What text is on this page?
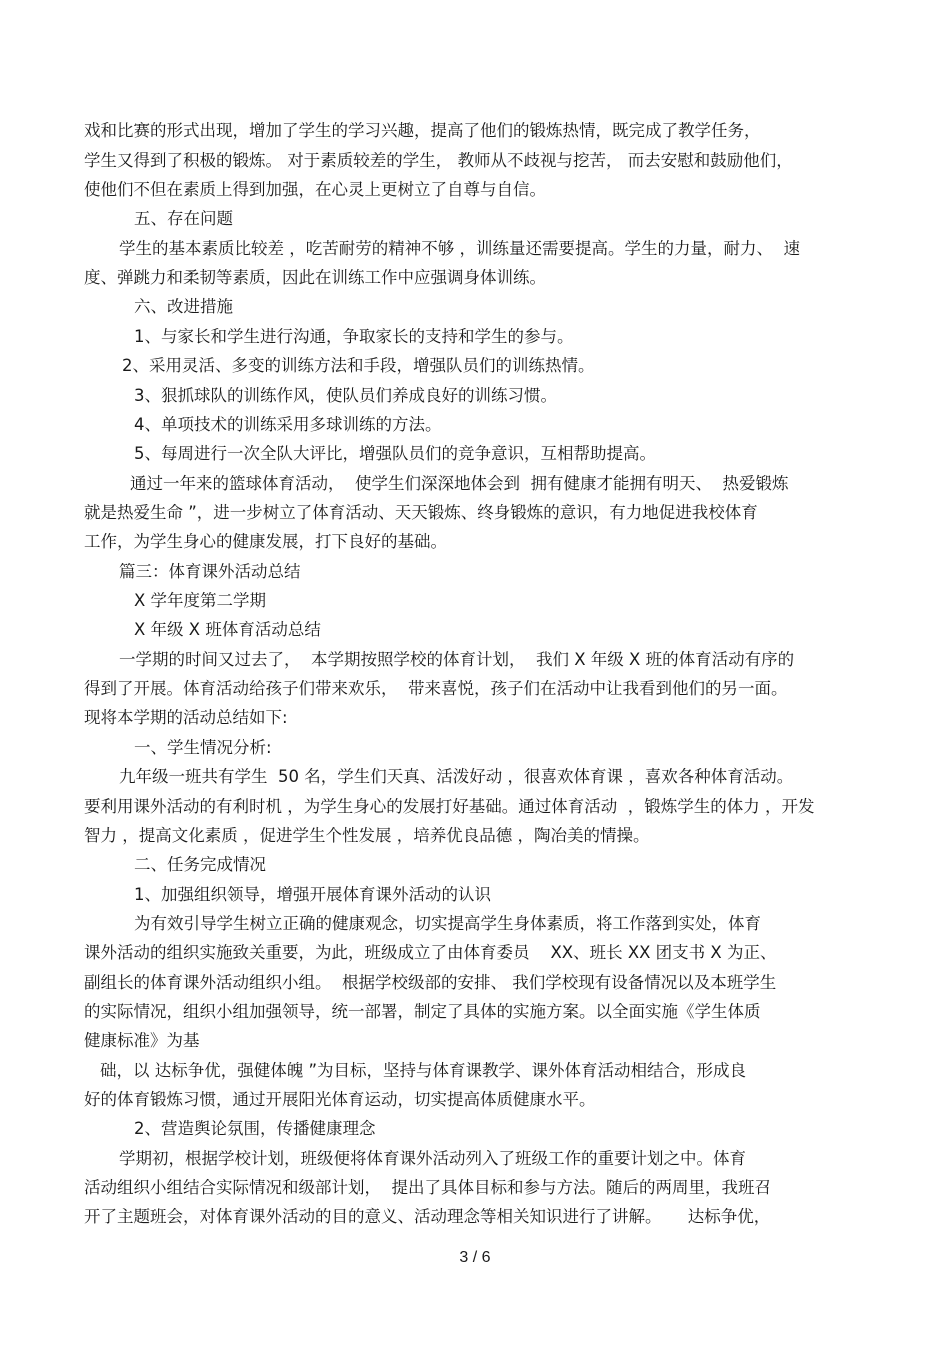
戏和比赛的形式出现，增加了学生的学习兴趣，提高了他们的锻炼热情，既完成了教学任务，
学生又得到了积极的锻炼。 对于素质较差的学生， 教师从不歧视与挖苦， 而去安慰和鼓励他们，
使他们不但在素质上得到加强，在心灵上更树立了自尊与自信。
五、存在问题
学生的基本素质比较差 ，吃苦耐劳的精神不够 ，训练量还需要提高。学生的力量，耐力、  速
度、弹跳力和柔韧等素质，因此在训练工作中应强调身体训练。
六、改进措施
1、与家长和学生进行沟通，争取家长的支持和学生的参与。
2、采用灵活、多变的训练方法和手段，增强队员们的训练热情。
3、狠抓球队的训练作风，使队员们养成良好的训练习惯。
4、单项技术的训练采用多球训练的方法。
5、每周进行一次全队大评比，增强队员们的竞争意识，互相帮助提高。
通过一年来的篮球体育活动，  使学生们深深地体会到  拥有健康才能拥有明天、  热爱锻炼
就是热爱生命 ”，进一步树立了体育活动、天天锻炼、终身锻炼的意识，有力地促进我校体育
工作，为学生身心的健康发展，打下良好的基础。
篇三：体育课外活动总结
X 学年度第二学期
X 年级 X 班体育活动总结
一学期的时间又过去了，  本学期按照学校的体育计划，  我们 X 年级 X 班的体育活动有序的
得到了开展。体育活动给孩子们带来欢乐，  带来喜悦，孩子们在活动中让我看到他们的另一面。
现将本学期的活动总结如下:
一、学生情况分析:
九年级一班共有学生  50 名，学生们天真、活泼好动 ，很喜欢体育课 ，喜欢各种体育活动。
要利用课外活动的有利时机 ，为学生身心的发展打好基础。通过体育活动  ，锻炼学生的体力 ，开发
智力 ，提高文化素质 ，促进学生个性发展 ，培养优良品德 ，陶冶美的情操。
二、任务完成情况
1、加强组织领导，增强开展体育课外活动的认识
为有效引导学生树立正确的健康观念，切实提高学生身体素质，将工作落到实处，体育
课外活动的组织实施致关重要，为此，班级成立了由体育委员    XX、班长 XX 团支书 X 为正、
副组长的体育课外活动组织小组。  根据学校级部的安排、 我们学校现有设备情况以及本班学生
的实际情况，组织小组加强领导，统一部署，制定了具体的实施方案。以全面实施《学生体质
健康标准》为基
础，以 达标争优，强健体魄 ”为目标，坚持与体育课教学、课外体育活动相结合，形成良
好的体育锻炼习惯，通过开展阳光体育运动，切实提高体质健康水平。
2、营造舆论氛围，传播健康理念
学期初，根据学校计划，班级便将体育课外活动列入了班级工作的重要计划之中。体育
活动组织小组结合实际情况和级部计划，  提出了具体目标和参与方法。随后的两周里，我班召
开了主题班会，对体育课外活动的目的意义、活动理念等相关知识进行了讲解。     达标争优，
3 / 6
